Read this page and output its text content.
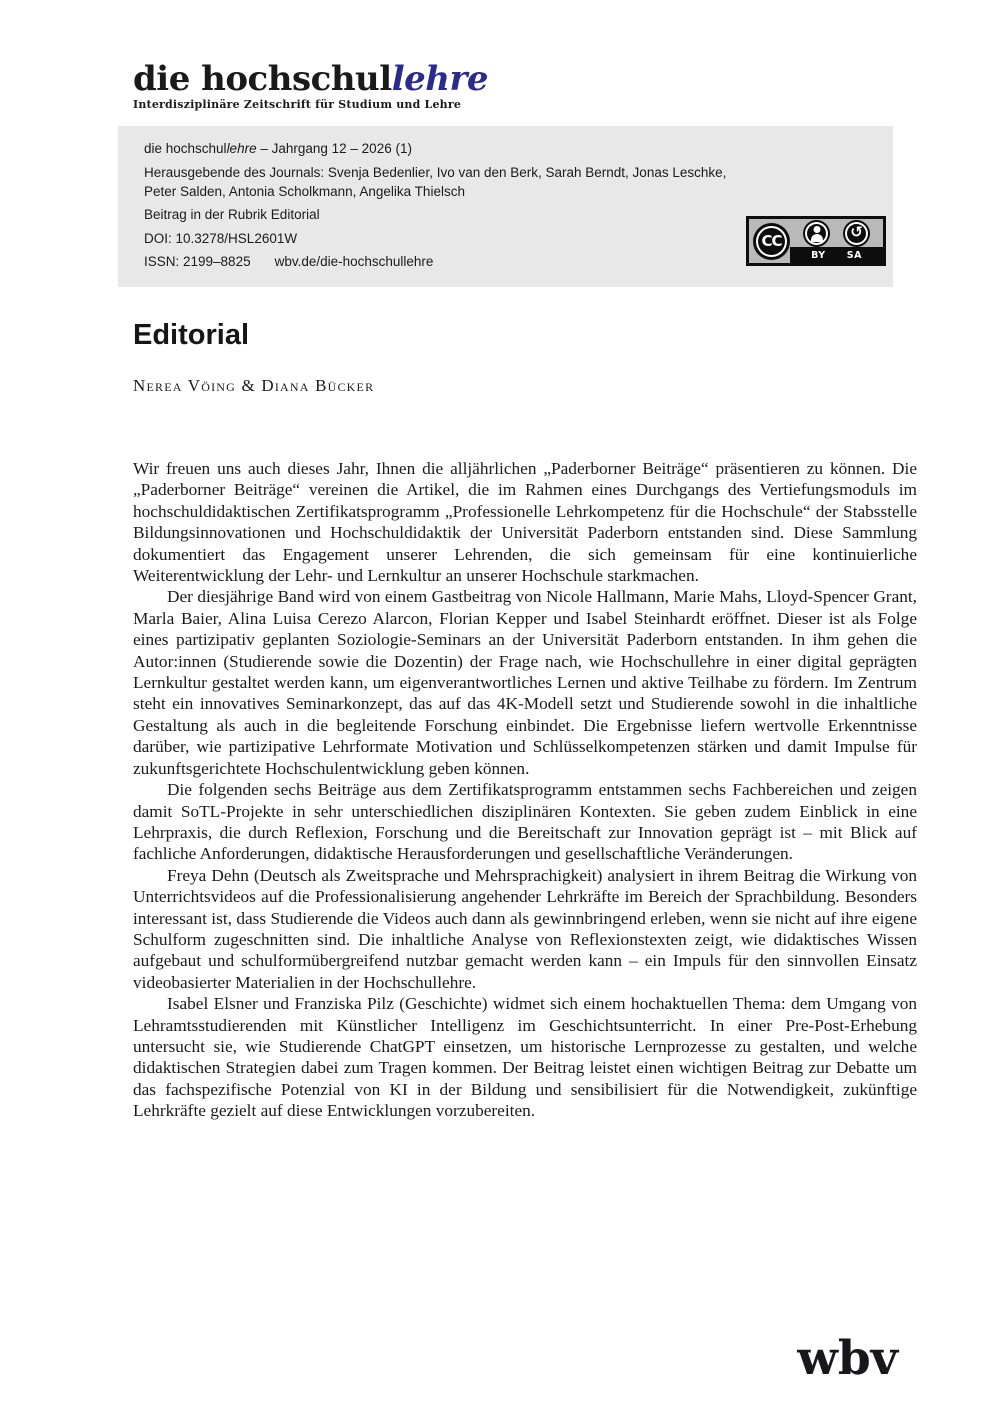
die hochschullehre
Interdisziplinäre Zeitschrift für Studium und Lehre

die hochschullehre – Jahrgang 12 – 2026 (1)

Herausgebende des Journals: Svenja Bedenlier, Ivo van den Berk, Sarah Berndt, Jonas Leschke, Peter Salden, Antonia Scholkmann, Angelika Thielsch

Beitrag in der Rubrik Editorial

DOI: 10.3278/HSL2601W

ISSN: 2199–8825 wbv.de/die-hochschullehre

CC	↺
BY SA
Editorial
Nerea Vöing & Diana Bücker

Wir freuen uns auch dieses Jahr, Ihnen die alljährlichen „Paderborner Beiträge“ präsentieren zu können. Die „Paderborner Beiträge“ vereinen die Artikel, die im Rahmen eines Durchgangs des Vertiefungsmoduls im hochschuldidaktischen Zertifikatsprogramm „Professionelle Lehrkompetenz für die Hochschule“ der Stabsstelle Bildungsinnovationen und Hochschuldidaktik der Universität Paderborn entstanden sind. Diese Sammlung dokumentiert das Engagement unserer Lehrenden, die sich gemeinsam für eine kontinuierliche Weiterentwicklung der Lehr- und Lernkultur an unserer Hochschule starkmachen.

Der diesjährige Band wird von einem Gastbeitrag von Nicole Hallmann, Marie Mahs, Lloyd-Spencer Grant, Marla Baier, Alina Luisa Cerezo Alarcon, Florian Kepper und Isabel Steinhardt eröffnet. Dieser ist als Folge eines partizipativ geplanten Soziologie-Seminars an der Universität Paderborn entstanden. In ihm gehen die Autor:innen (Studierende sowie die Dozentin) der Frage nach, wie Hochschullehre in einer digital geprägten Lernkultur gestaltet werden kann, um eigenverantwortliches Lernen und aktive Teilhabe zu fördern. Im Zentrum steht ein innovatives Seminarkonzept, das auf das 4K-Modell setzt und Studierende sowohl in die inhaltliche Gestaltung als auch in die begleitende Forschung einbindet. Die Ergebnisse liefern wertvolle Erkenntnisse darüber, wie partizipative Lehrformate Motivation und Schlüsselkompetenzen stärken und damit Impulse für zukunftsgerichtete Hochschulentwicklung geben können.

Die folgenden sechs Beiträge aus dem Zertifikatsprogramm entstammen sechs Fachbereichen und zeigen damit SoTL-Projekte in sehr unterschiedlichen disziplinären Kontexten. Sie geben zudem Einblick in eine Lehrpraxis, die durch Reflexion, Forschung und die Bereitschaft zur Innovation geprägt ist – mit Blick auf fachliche Anforderungen, didaktische Herausforderungen und gesellschaftliche Veränderungen.

Freya Dehn (Deutsch als Zweitsprache und Mehrsprachigkeit) analysiert in ihrem Beitrag die Wirkung von Unterrichtsvideos auf die Professionalisierung angehender Lehrkräfte im Bereich der Sprachbildung. Besonders interessant ist, dass Studierende die Videos auch dann als gewinnbringend erleben, wenn sie nicht auf ihre eigene Schulform zugeschnitten sind. Die inhaltliche Analyse von Reflexionstexten zeigt, wie didaktisches Wissen aufgebaut und schulformübergreifend nutzbar gemacht werden kann – ein Impuls für den sinnvollen Einsatz videobasierter Materialien in der Hochschullehre.

Isabel Elsner und Franziska Pilz (Geschichte) widmet sich einem hochaktuellen Thema: dem Umgang von Lehramtsstudierenden mit Künstlicher Intelligenz im Geschichtsunterricht. In einer Pre-Post-Erhebung untersucht sie, wie Studierende ChatGPT einsetzen, um historische Lernprozesse zu gestalten, und welche didaktischen Strategien dabei zum Tragen kommen. Der Beitrag leistet einen wichtigen Beitrag zur Debatte um das fachspezifische Potenzial von KI in der Bildung und sensibilisiert für die Notwendigkeit, zukünftige Lehrkräfte gezielt auf diese Entwicklungen vorzubereiten.

wbv
